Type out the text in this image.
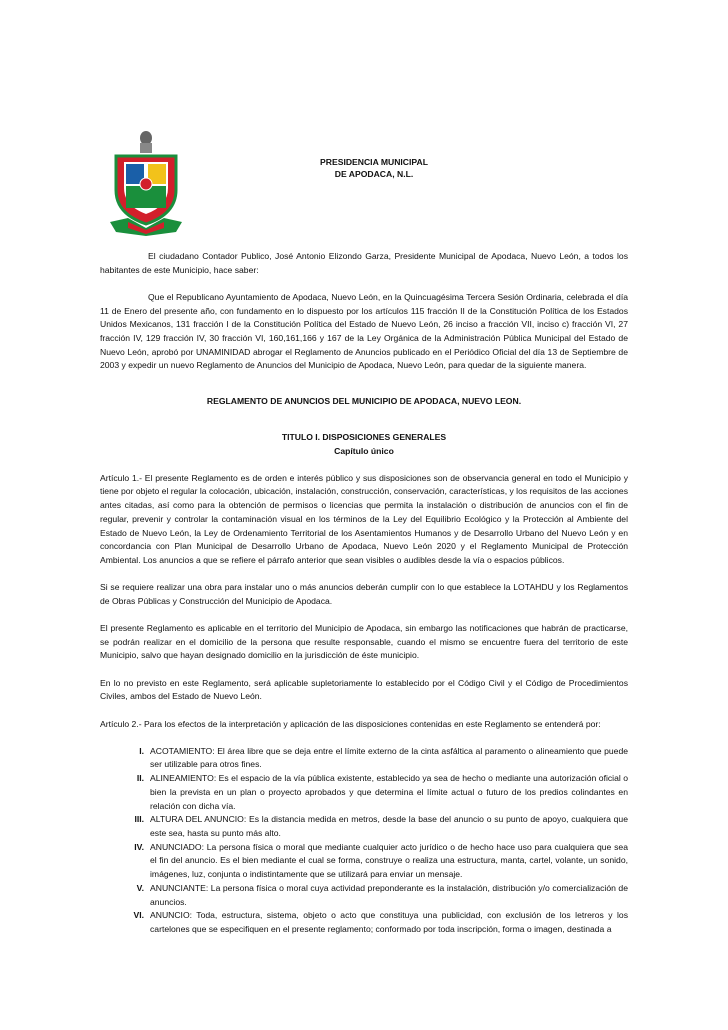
PRESIDENCIA MUNICIPAL
DE APODACA, N.L.

El ciudadano Contador Publico, José Antonio Elizondo Garza, Presidente Municipal de Apodaca, Nuevo León, a todos los habitantes de este Municipio, hace saber:

Que el Republicano Ayuntamiento de Apodaca, Nuevo León, en la Quincuagésima Tercera Sesión Ordinaria, celebrada el día 11 de Enero del presente año, con fundamento en lo dispuesto por los artículos 115 fracción II de la Constitución Política de los Estados Unidos Mexicanos, 131 fracción I de la Constitución Política del Estado de Nuevo León, 26 inciso a fracción VII, inciso c) fracción VI, 27 fracción IV, 129 fracción IV, 30 fracción VI, 160,161,166 y 167 de la Ley Orgánica de la Administración Pública Municipal del Estado de Nuevo León, aprobó por UNAMINIDAD abrogar el Reglamento de Anuncios publicado en el Periódico Oficial del día 13 de Septiembre de 2003 y expedir un nuevo Reglamento de Anuncios del Municipio de Apodaca, Nuevo León, para quedar de la siguiente manera.

REGLAMENTO DE ANUNCIOS DEL MUNICIPIO DE APODACA, NUEVO LEON.

TITULO I. DISPOSICIONES GENERALES

Capítulo único

Artículo 1.- El presente Reglamento es de orden e interés público y sus disposiciones son de observancia general en todo el Municipio y tiene por objeto el regular la colocación, ubicación, instalación, construcción, conservación, características, y los requisitos de las acciones antes citadas, así como para la obtención de permisos o licencias que permita la instalación o distribución de anuncios con el fin de regular, prevenir y controlar la contaminación visual en los términos de la Ley del Equilibrio Ecológico y la Protección al Ambiente del Estado de Nuevo León, la Ley de Ordenamiento Territorial de los Asentamientos Humanos y de Desarrollo Urbano del Nuevo León y en concordancia con Plan Municipal de Desarrollo Urbano de Apodaca, Nuevo León 2020 y el Reglamento Municipal de Protección Ambiental. Los anuncios a que se refiere el párrafo anterior que sean visibles o audibles desde la vía o espacios públicos.

Si se requiere realizar una obra para instalar uno o más anuncios deberán cumplir con lo que establece la LOTAHDU y los Reglamentos de Obras Públicas y Construcción del Municipio de Apodaca.

El presente Reglamento es aplicable en el territorio del Municipio de Apodaca, sin embargo las notificaciones que habrán de practicarse, se podrán realizar en el domicilio de la persona que resulte responsable, cuando el mismo se encuentre fuera del territorio de este Municipio, salvo que hayan designado domicilio en la jurisdicción de éste municipio.

En lo no previsto en este Reglamento, será aplicable supletoriamente lo establecido por el Código Civil y el Código de Procedimientos Civiles, ambos del Estado de Nuevo León.

Artículo 2.- Para los efectos de la interpretación y aplicación de las disposiciones contenidas en este Reglamento se entenderá por:

I. ACOTAMIENTO: El área libre que se deja entre el límite externo de la cinta asfáltica al paramento o alineamiento que puede ser utilizable para otros fines.
II. ALINEAMIENTO: Es el espacio de la vía pública existente, establecido ya sea de hecho o mediante una autorización oficial o bien la prevista en un plan o proyecto aprobados y que determina el límite actual o futuro de los predios colindantes en relación con dicha vía.
III. ALTURA DEL ANUNCIO: Es la distancia medida en metros, desde la base del anuncio o su punto de apoyo, cualquiera que este sea, hasta su punto más alto.
IV. ANUNCIADO: La persona física o moral que mediante cualquier acto jurídico o de hecho hace uso para cualquiera que sea el fin del anuncio. Es el bien mediante el cual se forma, construye o realiza una estructura, manta, cartel, volante, un sonido, imágenes, luz, conjunta o indistintamente que se utilizará para enviar un mensaje.
V. ANUNCIANTE: La persona física o moral cuya actividad preponderante es la instalación, distribución y/o comercialización de anuncios.
VI. ANUNCIO: Toda, estructura, sistema, objeto o acto que constituya una publicidad, con exclusión de los letreros y los cartelones que se especifiquen en el presente reglamento; conformado por toda inscripción, forma o imagen, destinada a
